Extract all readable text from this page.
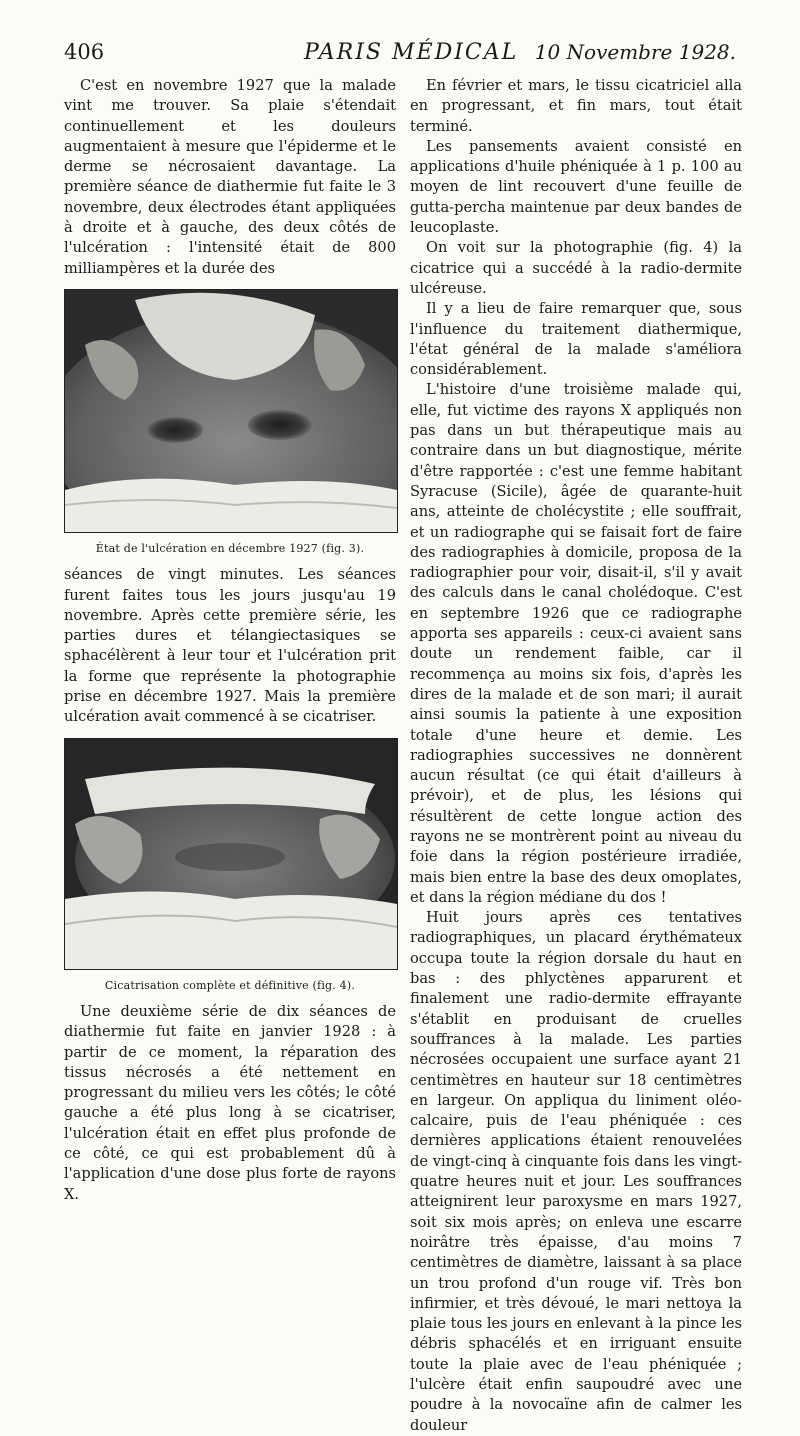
406	PARIS MÉDICAL 10 Novembre 1928.

C'est en novembre 1927 que la malade vint me trouver. Sa plaie s'étendait continuellement et les douleurs augmentaient à mesure que l'épiderme et le derme se nécrosaient davantage. La première séance de diathermie fut faite le 3 novembre, deux électrodes étant appliquées à droite et à gauche, des deux côtés de l'ulcération : l'intensité était de 800 milliampères et la durée des

État de l'ulcération en décembre 1927 (fig. 3).

séances de vingt minutes. Les séances furent faites tous les jours jusqu'au 19 novembre. Après cette première série, les parties dures et télangiectasiques se sphacélèrent à leur tour et l'ulcération prit la forme que représente la photographie prise en décembre 1927. Mais la première ulcération avait commencé à se cicatriser.

Cicatrisation complète et définitive (fig. 4).

Une deuxième série de dix séances de diathermie fut faite en janvier 1928 : à partir de ce moment, la réparation des tissus nécrosés a été nettement en progressant du milieu vers les côtés; le côté gauche a été plus long à se cicatriser, l'ulcération était en effet plus profonde de ce côté, ce qui est probablement dû à l'application d'une dose plus forte de rayons X.

En février et mars, le tissu cicatriciel alla en progressant, et fin mars, tout était terminé.

Les pansements avaient consisté en applications d'huile phéniquée à 1 p. 100 au moyen de lint recouvert d'une feuille de gutta-percha maintenue par deux bandes de leucoplaste.

On voit sur la photographie (fig. 4) la cicatrice qui a succédé à la radio-dermite ulcéreuse.

Il y a lieu de faire remarquer que, sous l'influence du traitement diathermique, l'état général de la malade s'améliora considérablement.

L'histoire d'une troisième malade qui, elle, fut victime des rayons X appliqués non pas dans un but thérapeutique mais au contraire dans un but diagnostique, mérite d'être rapportée : c'est une femme habitant Syracuse (Sicile), âgée de quarante-huit ans, atteinte de cholécystite ; elle souffrait, et un radiographe qui se faisait fort de faire des radiographies à domicile, proposa de la radiographier pour voir, disait-il, s'il y avait des calculs dans le canal cholédoque. C'est en septembre 1926 que ce radiographe apporta ses appareils : ceux-ci avaient sans doute un rendement faible, car il recommença au moins six fois, d'après les dires de la malade et de son mari; il aurait ainsi soumis la patiente à une exposition totale d'une heure et demie. Les radiographies successives ne donnèrent aucun résultat (ce qui était d'ailleurs à prévoir), et de plus, les lésions qui résultèrent de cette longue action des rayons ne se montrèrent point au niveau du foie dans la région postérieure irradiée, mais bien entre la base des deux omoplates, et dans la région médiane du dos !

Huit jours après ces tentatives radiographiques, un placard érythémateux occupa toute la région dorsale du haut en bas : des phlyctènes apparurent et finalement une radio-dermite effrayante s'établit en produisant de cruelles souffrances à la malade. Les parties nécrosées occupaient une surface ayant 21 centimètres en hauteur sur 18 centimètres en largeur. On appliqua du liniment oléo-calcaire, puis de l'eau phéniquée : ces dernières applications étaient renouvelées de vingt-cinq à cinquante fois dans les vingt-quatre heures nuit et jour. Les souffrances atteignirent leur paroxysme en mars 1927, soit six mois après; on enleva une escarre noirâtre très épaisse, d'au moins 7 centimètres de diamètre, laissant à sa place un trou profond d'un rouge vif. Très bon infirmier, et très dévoué, le mari nettoya la plaie tous les jours en enlevant à la pince les débris sphacélés et en irriguant ensuite toute la plaie avec de l'eau phéniquée ; l'ulcère était enfin saupoudré avec une poudre à la novocaïne afin de calmer les douleur
